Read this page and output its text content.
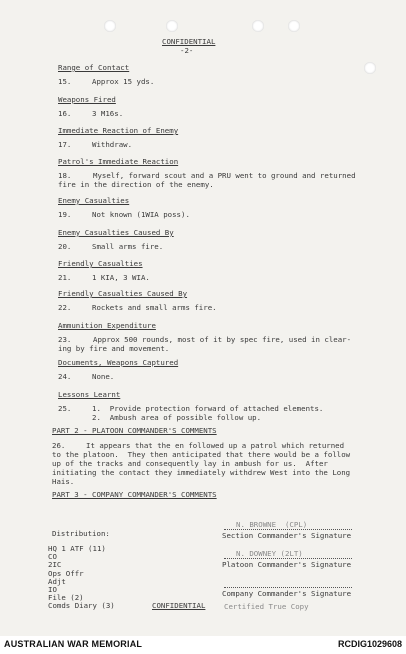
CONFIDENTIAL
-2-
Range of Contact
15.	Approx 15 yds.
Weapons Fired
16.	3 M16s.
Immediate Reaction of Enemy
17.	Withdraw.
Patrol's Immediate Reaction
18.	Myself, forward scout and a PRU went to ground and returned
fire in the direction of the enemy.
Enemy Casualties
19.	Not known (1WIA poss).
Enemy Casualties Caused By
20.	Small arms fire.
Friendly Casualties
21.	1 KIA, 3 WIA.
Friendly Casualties Caused By
22.	Rockets and small arms fire.
Ammunition Expenditure
23.	Approx 500 rounds, most of it by spec fire, used in clear-
ing by fire and movement.
Documents, Weapons Captured
24.	None.
Lessons Learnt
25.	1.  Provide protection forward of attached elements.
2.  Ambush area of possible follow up.
PART 2 - PLATOON COMMANDER'S COMMENTS
26.	It appears that the en followed up a patrol which returned
to the platoon.  They then anticipated that there would be a follow
up of the tracks and consequently lay in ambush for us.  After
initiating the contact they immediately withdrew West into the Long
Hais.
PART 3 - COMPANY COMMANDER'S COMMENTS
Distribution:
HQ 1 ATF (11)
CO
2IC
Ops Offr
Adjt
IO
File (2)
Comds Diary (3)
N. BROWNE  (CPL)
Section Commander's Signature
N. DOWNEY (2LT)
Platoon Commander's Signature
Company Commander's Signature
Certified True Copy
CONFIDENTIAL
AUSTRALIAN WAR MEMORIAL	RCDIG1029608
